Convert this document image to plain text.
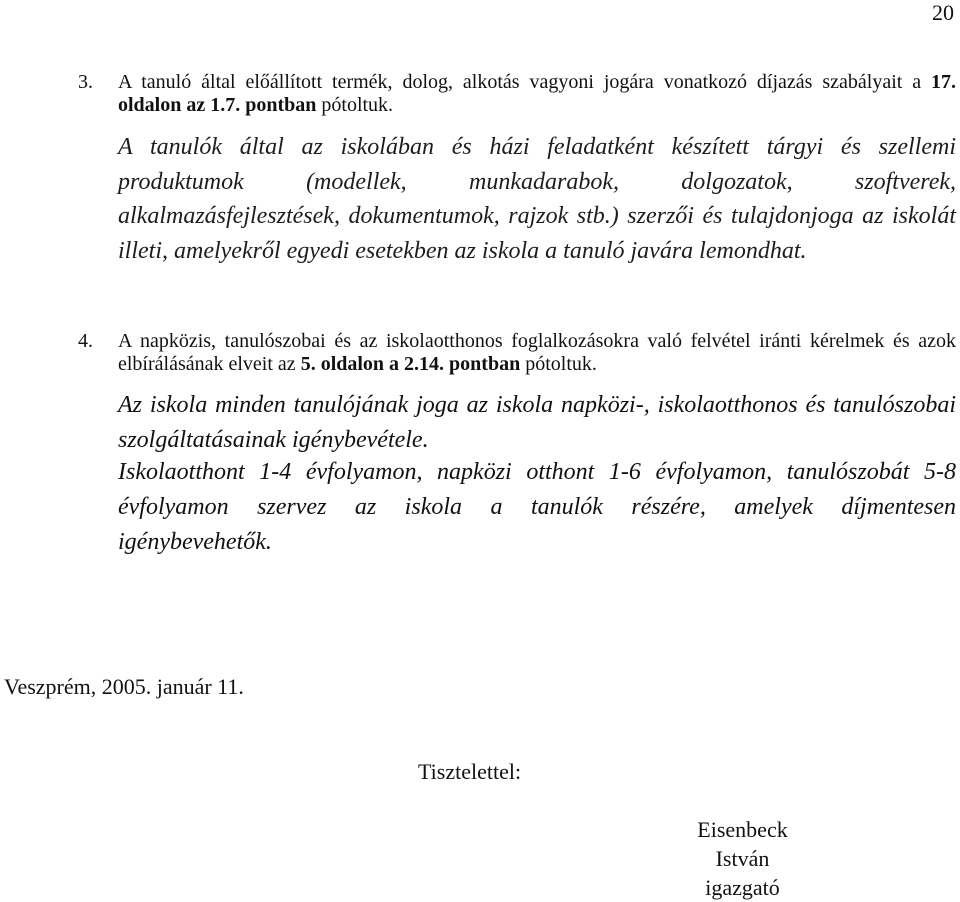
20
3.	A tanuló által előállított termék, dolog, alkotás vagyoni jogára vonatkozó díjazás szabályait a 17. oldalon az 1.7. pontban pótoltuk.
A tanulók által az iskolában és házi feladatként készített tárgyi és szellemi produktumok (modellek, munkadarabok, dolgozatok, szoftverek, alkalmazásfejlesztések, dokumentumok, rajzok stb.) szerzői és tulajdonjoga az iskolát illeti, amelyekről egyedi esetekben az iskola a tanuló javára lemondhat.
4.	A napközis, tanulószobai és az iskolaotthonos foglalkozásokra való felvétel iránti kérelmek és azok elbírálásának elveit az 5. oldalon a 2.14. pontban pótoltuk.
Az iskola minden tanulójának joga az iskola napközi-, iskolaotthonos és tanulószobai szolgáltatásainak igénybevétele.
Iskolaotthont 1-4 évfolyamon, napközi otthont 1-6 évfolyamon, tanulószobát 5-8 évfolyamon szervez az iskola a tanulók részére, amelyek díjmentesen igénybevehetők.
Veszprém, 2005. január 11.
Tisztelettel:
Eisenbeck István
igazgató
